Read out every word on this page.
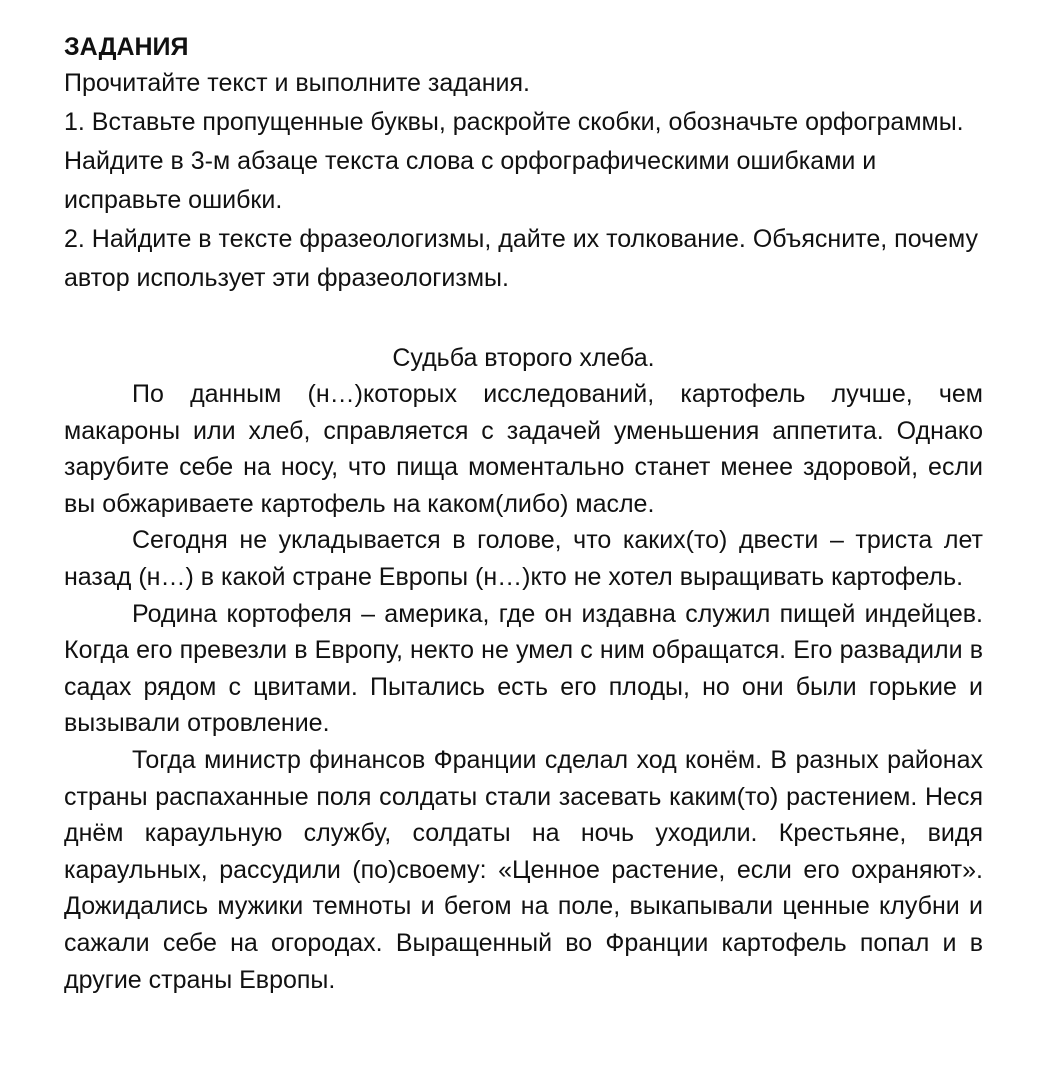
ЗАДАНИЯ

Прочитайте текст и выполните задания.

1. Вставьте пропущенные буквы, раскройте скобки, обозначьте орфограммы. Найдите в 3-м абзаце текста слова с орфографическими ошибками и исправьте ошибки.

2. Найдите в тексте фразеологизмы, дайте их толкование. Объясните, почему автор использует эти фразеологизмы.

Судьба второго хлеба.

По данным (н…)которых исследований, картофель лучше, чем макароны или хлеб, справляется с задачей уменьшения аппетита. Однако зарубите себе на носу, что пища моментально станет менее здоровой, если вы обжариваете картофель на каком(либо) масле.

Сегодня не укладывается в голове, что каких(то) двести – триста лет назад (н…) в какой стране Европы (н…)кто не хотел выращивать картофель.

Родина кортофеля – америка, где он издавна служил пищей индейцев. Когда его превезли в Европу, некто не умел с ним обращатся. Его развадили в садах рядом с цвитами. Пытались есть его плоды, но они были горькие и вызывали отровление.

Тогда министр финансов Франции сделал ход конём. В разных районах страны распаханные поля солдаты стали засевать каким(то) растением. Неся днём караульную службу, солдаты на ночь уходили. Крестьяне, видя караульных, рассудили (по)своему: «Ценное растение, если его охраняют». Дожидались мужики темноты и бегом на поле, выкапывали ценные клубни и сажали себе на огородах. Выращенный во Франции картофель попал и в другие страны Европы.
